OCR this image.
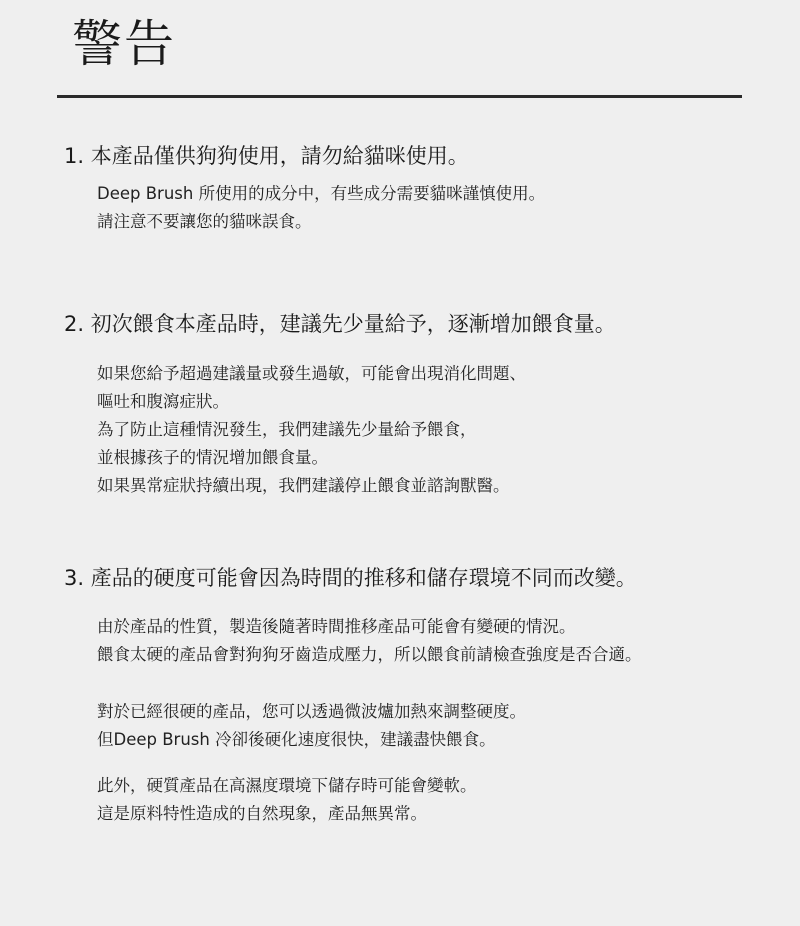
警告
1. 本產品僅供狗狗使用，請勿給貓咪使用。

Deep Brush 所使用的成分中，有些成分需要貓咪謹慎使用。
請注意不要讓您的貓咪誤食。

2. 初次餵食本產品時，建議先少量給予，逐漸增加餵食量。

如果您給予超過建議量或發生過敏，可能會出現消化問題、
嘔吐和腹瀉症狀。
為了防止這種情況發生，我們建議先少量給予餵食，
並根據孩子的情況增加餵食量。
如果異常症狀持續出現，我們建議停止餵食並諮詢獸醫。

3. 產品的硬度可能會因為時間的推移和儲存環境不同而改變。

由於產品的性質，製造後隨著時間推移產品可能會有變硬的情況。
餵食太硬的產品會對狗狗牙齒造成壓力，所以餵食前請檢查強度是否合適。

對於已經很硬的產品，您可以透過微波爐加熱來調整硬度。
但Deep Brush 冷卻後硬化速度很快，建議盡快餵食。

此外，硬質產品在高濕度環境下儲存時可能會變軟。
這是原料特性造成的自然現象，產品無異常。
